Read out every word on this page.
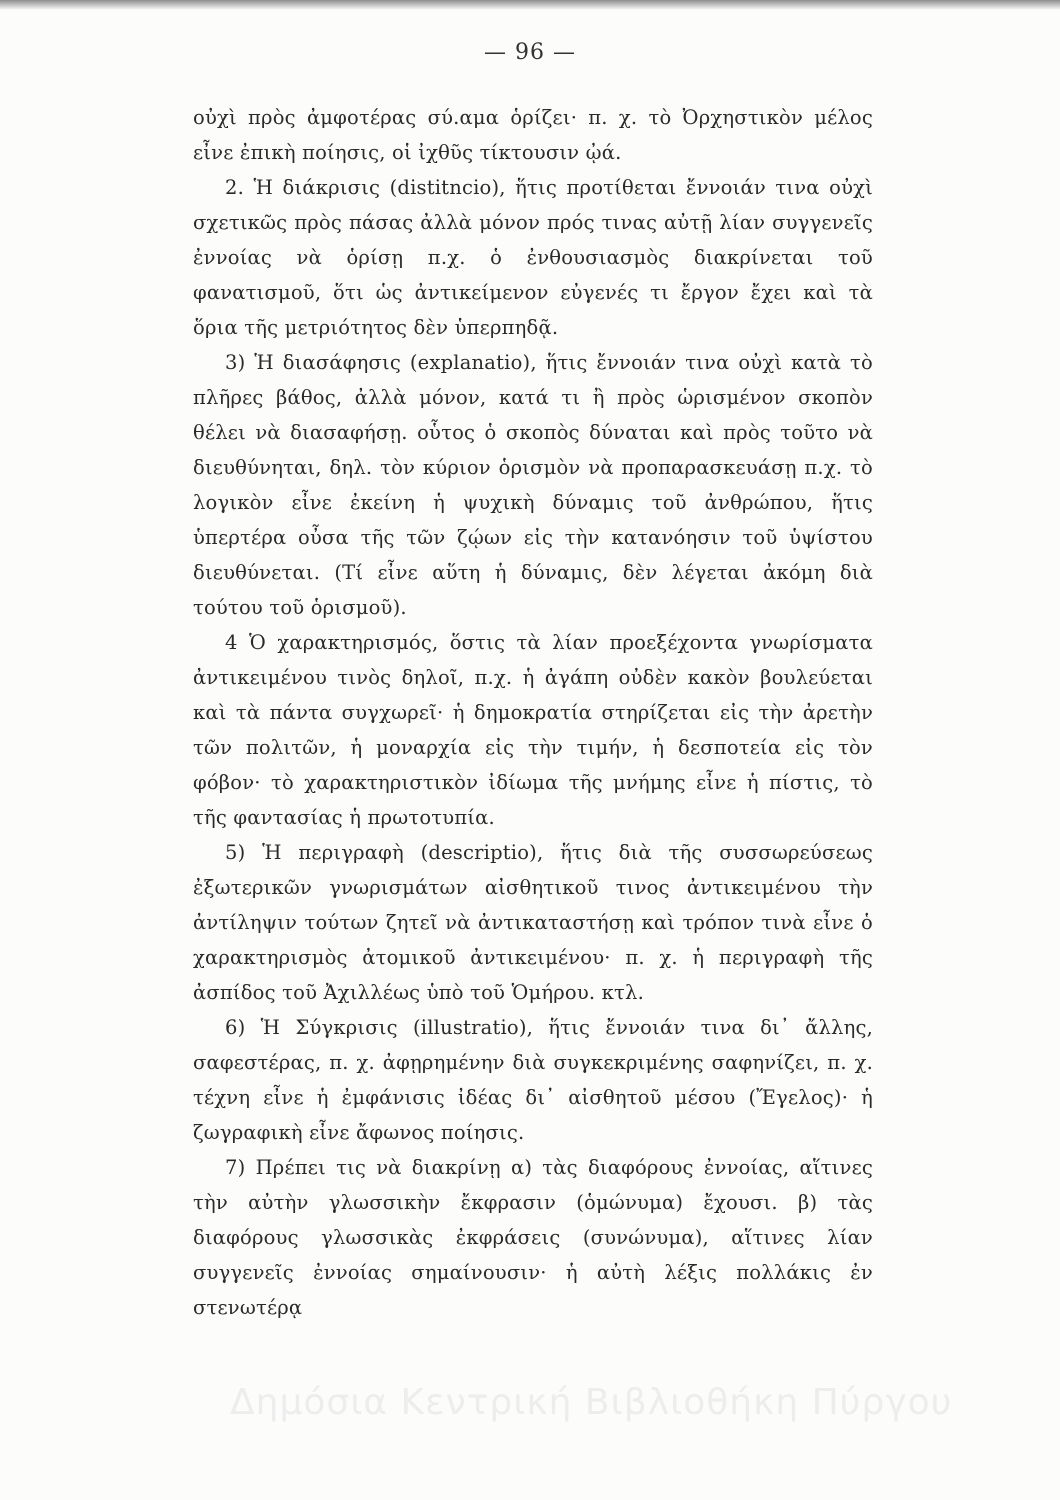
— 96 —

οὐχὶ πρὸς ἀμφοτέρας σύ.αμα ὁρίζει· π. χ. τὸ Ὀρχηστικὸν μέλος εἶνε ἐπικὴ ποίησις, οἱ ἰχθῦς τίκτουσιν ᾠά.

2. Ἡ διάκρισις (distitncio), ἥτις προτίθεται ἔννοιάν τινα οὐχὶ σχετικῶς πρὸς πάσας ἀλλὰ μόνον πρός τινας αὐτῇ λίαν συγγενεῖς ἐννοίας νὰ ὁρίσῃ π.χ. ὁ ἐνθουσιασμὸς διακρίνεται τοῦ φανατισμοῦ, ὅτι ὡς ἀντικείμενον εὐγενές τι ἔργον ἔχει καὶ τὰ ὅρια τῆς μετριότητος δὲν ὑπερπηδᾷ.

3) Ἡ διασάφησις (explanatio), ἥτις ἔννοιάν τινα οὐχὶ κατὰ τὸ πλῆρες βάθος, ἀλλὰ μόνον, κατά τι ἢ πρὸς ὡρισμένον σκοπὸν θέλει νὰ διασαφήσῃ. οὗτος ὁ σκοπὸς δύναται καὶ πρὸς τοῦτο νὰ διευθύνηται, δηλ. τὸν κύριον ὁρισμὸν νὰ προπαρασκευάσῃ π.χ. τὸ λογικὸν εἶνε ἐκείνη ἡ ψυχικὴ δύναμις τοῦ ἀνθρώπου, ἥτις ὑπερτέρα οὖσα τῆς τῶν ζῴων εἰς τὴν κατανόησιν τοῦ ὑψίστου διευθύνεται. (Τί εἶνε αὕτη ἡ δύναμις, δὲν λέγεται ἀκόμη διὰ τούτου τοῦ ὁρισμοῦ).

4 Ὁ χαρακτηρισμός, ὅστις τὰ λίαν προεξέχοντα γνωρίσματα ἀντικειμένου τινὸς δηλοῖ, π.χ. ἡ ἀγάπη οὐδὲν κακὸν βουλεύεται καὶ τὰ πάντα συγχωρεῖ· ἡ δημοκρατία στηρίζεται εἰς τὴν ἀρετὴν τῶν πολιτῶν, ἡ μοναρχία εἰς τὴν τιμήν, ἡ δεσποτεία εἰς τὸν φόβον· τὸ χαρακτηριστικὸν ἰδίωμα τῆς μνήμης εἶνε ἡ πίστις, τὸ τῆς φαντασίας ἡ πρωτοτυπία.

5) Ἡ περιγραφὴ (descriptio), ἥτις διὰ τῆς συσσωρεύσεως ἐξωτερικῶν γνωρισμάτων αἰσθητικοῦ τινος ἀντικειμένου τὴν ἀντίληψιν τούτων ζητεῖ νὰ ἀντικαταστήσῃ καὶ τρόπον τινὰ εἶνε ὁ χαρακτηρισμὸς ἀτομικοῦ ἀντικειμένου· π. χ. ἡ περιγραφὴ τῆς ἀσπίδος τοῦ Ἀχιλλέως ὑπὸ τοῦ Ὁμήρου. κτλ.

6) Ἡ Σύγκρισις (illustratio), ἥτις ἔννοιάν τινα δι᾽ ἄλλης, σαφεστέρας, π. χ. ἀφῃρημένην διὰ συγκεκριμένης σαφηνίζει, π. χ. τέχνη εἶνε ἡ ἐμφάνισις ἰδέας δι᾽ αἰσθητοῦ μέσου (Ἔγελος)· ἡ ζωγραφικὴ εἶνε ἄφωνος ποίησις.

7) Πρέπει τις νὰ διακρίνῃ α) τὰς διαφόρους ἐννοίας, αἵτινες τὴν αὐτὴν γλωσσικὴν ἔκφρασιν (ὁμώνυμα) ἔχουσι. β) τὰς διαφόρους γλωσσικὰς ἐκφράσεις (συνώνυμα), αἵτινες λίαν συγγενεῖς ἐννοίας σημαίνουσιν· ἡ αὐτὴ λέξις πολλάκις ἐν στενωτέρᾳ

Δημόσια Κεντρική Βιβλιοθήκη Πύργου
